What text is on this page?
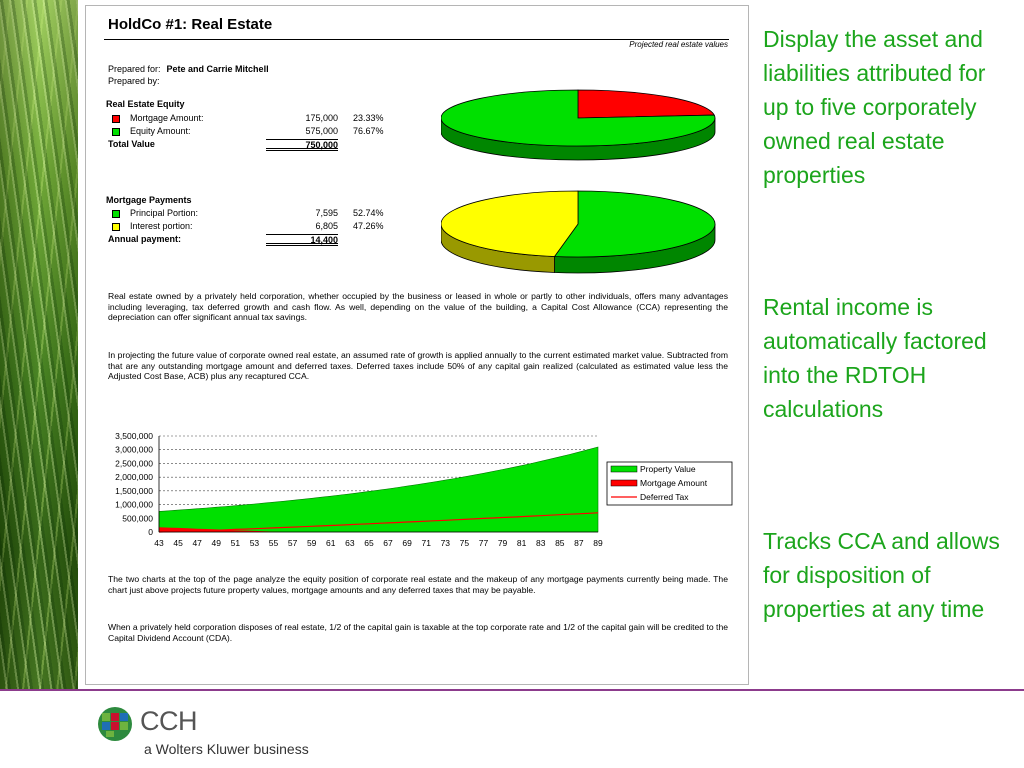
HoldCo #1: Real Estate
Projected real estate values
Prepared for: Pete and Carrie Mitchell
Prepared by:
Real Estate Equity
Mortgage Amount:	175,000 23.33%
Equity Amount:	575,000 76.67%
Total Value	750,000
Mortgage Payments
Principal Portion:	7,595 52.74%
Interest portion:	6,805 47.26%
Annual payment:	14,400
Real estate owned by a privately held corporation, whether occupied by the business or leased in whole or partly to other individuals, offers many advantages including leveraging, tax deferred growth and cash flow. As well, depending on the value of the building, a Capital Cost Allowance (CCA) representing the depreciation can offer significant annual tax savings.
In projecting the future value of corporate owned real estate, an assumed rate of growth is applied annually to the current estimated market value. Subtracted from that are any outstanding mortgage amount and deferred taxes. Deferred taxes include 50% of any capital gain realized (calculated as estimated value less the Adjusted Cost Base, ACB) plus any recaptured CCA.
3,500,000
3,000,000
2,500,000
2,000,000
1,500,000
1,000,000
500,000
0
43 45 47 49 51 53 55 57 59 61 63 65 67 69 71 73 75 77 79 81 83 85 87 89
Property Value
Mortgage Amount
Deferred Tax
The two charts at the top of the page analyze the equity position of corporate real estate and the makeup of any mortgage payments currently being made. The chart just above projects future property values, mortgage amounts and any deferred taxes that may be payable.
When a privately held corporation disposes of real estate, 1/2 of the capital gain is taxable at the top corporate rate and 1/2 of the capital gain will be credited to the Capital Dividend Account (CDA).
Display the asset and liabilities attributed for up to five corporately owned real estate properties
Rental income is automatically factored into the RDTOH calculations
Tracks CCA and allows for disposition of properties at any time
CCH
a Wolters Kluwer business
